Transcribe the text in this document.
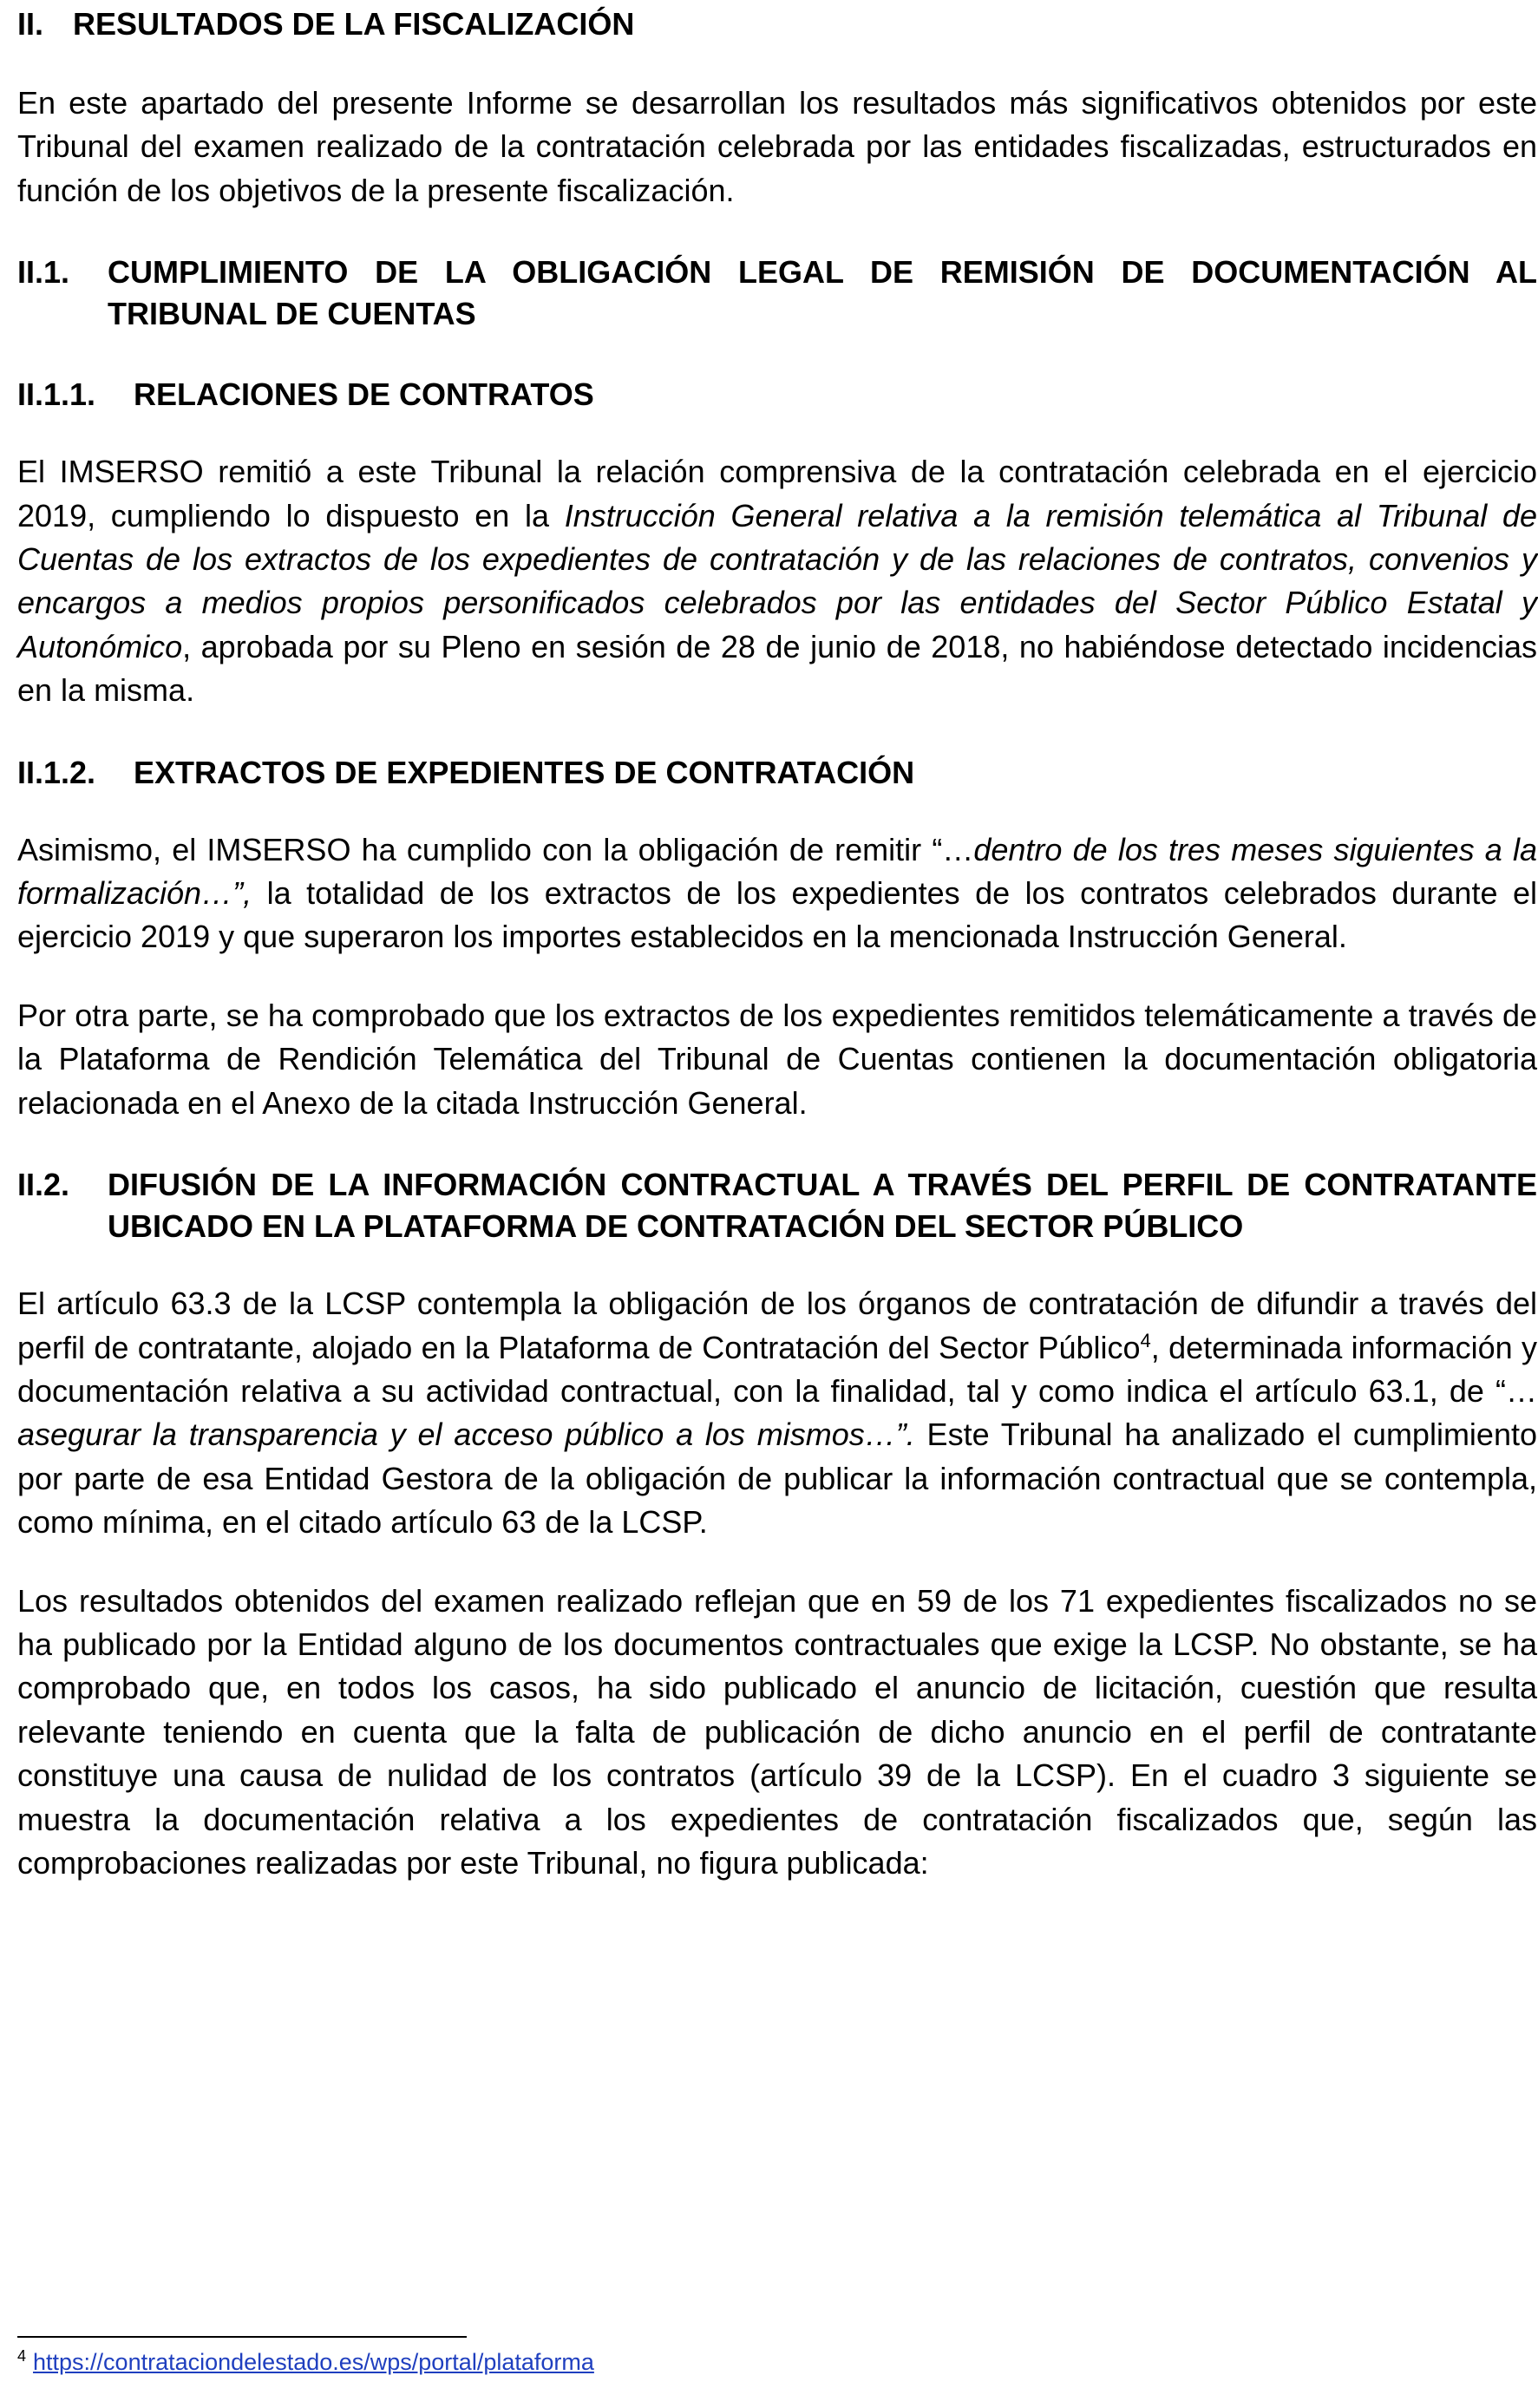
II. RESULTADOS DE LA FISCALIZACIÓN

En este apartado del presente Informe se desarrollan los resultados más significativos obtenidos por este Tribunal del examen realizado de la contratación celebrada por las entidades fiscalizadas, estructurados en función de los objetivos de la presente fiscalización.

II.1.	CUMPLIMIENTO DE LA OBLIGACIÓN LEGAL DE REMISIÓN DE DOCUMENTACIÓN AL TRIBUNAL DE CUENTAS
II.1.1.	RELACIONES DE CONTRATOS

El IMSERSO remitió a este Tribunal la relación comprensiva de la contratación celebrada en el ejercicio 2019, cumpliendo lo dispuesto en la Instrucción General relativa a la remisión telemática al Tribunal de Cuentas de los extractos de los expedientes de contratación y de las relaciones de contratos, convenios y encargos a medios propios personificados celebrados por las entidades del Sector Público Estatal y Autonómico, aprobada por su Pleno en sesión de 28 de junio de 2018, no habiéndose detectado incidencias en la misma.

II.1.2.	EXTRACTOS DE EXPEDIENTES DE CONTRATACIÓN

Asimismo, el IMSERSO ha cumplido con la obligación de remitir “…dentro de los tres meses siguientes a la formalización…”, la totalidad de los extractos de los expedientes de los contratos celebrados durante el ejercicio 2019 y que superaron los importes establecidos en la mencionada Instrucción General.

Por otra parte, se ha comprobado que los extractos de los expedientes remitidos telemáticamente a través de la Plataforma de Rendición Telemática del Tribunal de Cuentas contienen la documentación obligatoria relacionada en el Anexo de la citada Instrucción General.

II.2.	DIFUSIÓN DE LA INFORMACIÓN CONTRACTUAL A TRAVÉS DEL PERFIL DE CONTRATANTE UBICADO EN LA PLATAFORMA DE CONTRATACIÓN DEL SECTOR PÚBLICO

El artículo 63.3 de la LCSP contempla la obligación de los órganos de contratación de difundir a través del perfil de contratante, alojado en la Plataforma de Contratación del Sector Público$^4$, determinada información y documentación relativa a su actividad contractual, con la finalidad, tal y como indica el artículo 63.1, de “…asegurar la transparencia y el acceso público a los mismos…”. Este Tribunal ha analizado el cumplimiento por parte de esa Entidad Gestora de la obligación de publicar la información contractual que se contempla, como mínima, en el citado artículo 63 de la LCSP.

Los resultados obtenidos del examen realizado reflejan que en 59 de los 71 expedientes fiscalizados no se ha publicado por la Entidad alguno de los documentos contractuales que exige la LCSP. No obstante, se ha comprobado que, en todos los casos, ha sido publicado el anuncio de licitación, cuestión que resulta relevante teniendo en cuenta que la falta de publicación de dicho anuncio en el perfil de contratante constituye una causa de nulidad de los contratos (artículo 39 de la LCSP). En el cuadro 3 siguiente se muestra la documentación relativa a los expedientes de contratación fiscalizados que, según las comprobaciones realizadas por este Tribunal, no figura publicada:

$^4$ https://contrataciondelestado.es/wps/portal/plataforma
